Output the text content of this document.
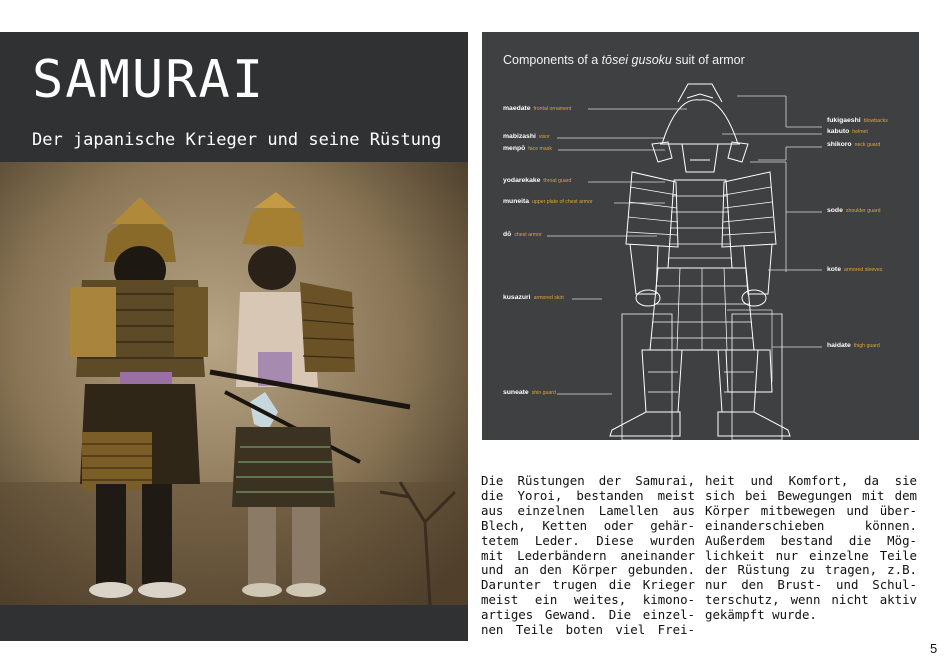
SAMURAI
Der japanische Krieger und seine Rüstung
Components of a tōsei gusoku suit of armor
maedate frontal ornament
mabizashi visor
menpō face mask
yodarekake throat guard
muneita upper plate of chest armor
dō chest armor
kusazuri armored skirt
suneate shin guard
fukigaeshi blowbacks
kabuto helmet
shikoro neck guard
sode shoulder guard
kote armored sleeves
haidate thigh guard
Die Rüstungen der Samurai,
die Yoroi, bestanden meist
aus einzelnen Lamellen aus
Blech, Ketten oder gehär-
tetem Leder. Diese wurden
mit Lederbändern aneinander
und an den Körper gebunden.
Darunter trugen die Krieger
meist ein weites, kimono-
artiges Gewand. Die einzel-
nen Teile boten viel Frei-
heit und Komfort, da sie
sich bei Bewegungen mit dem
Körper mitbewegen und über-
einanderschieben können.
Außerdem bestand die Mög-
lichkeit nur einzelne Teile
der Rüstung zu tragen, z.B.
nur den Brust- und Schul-
terschutz, wenn nicht aktiv
gekämpft wurde.
5
